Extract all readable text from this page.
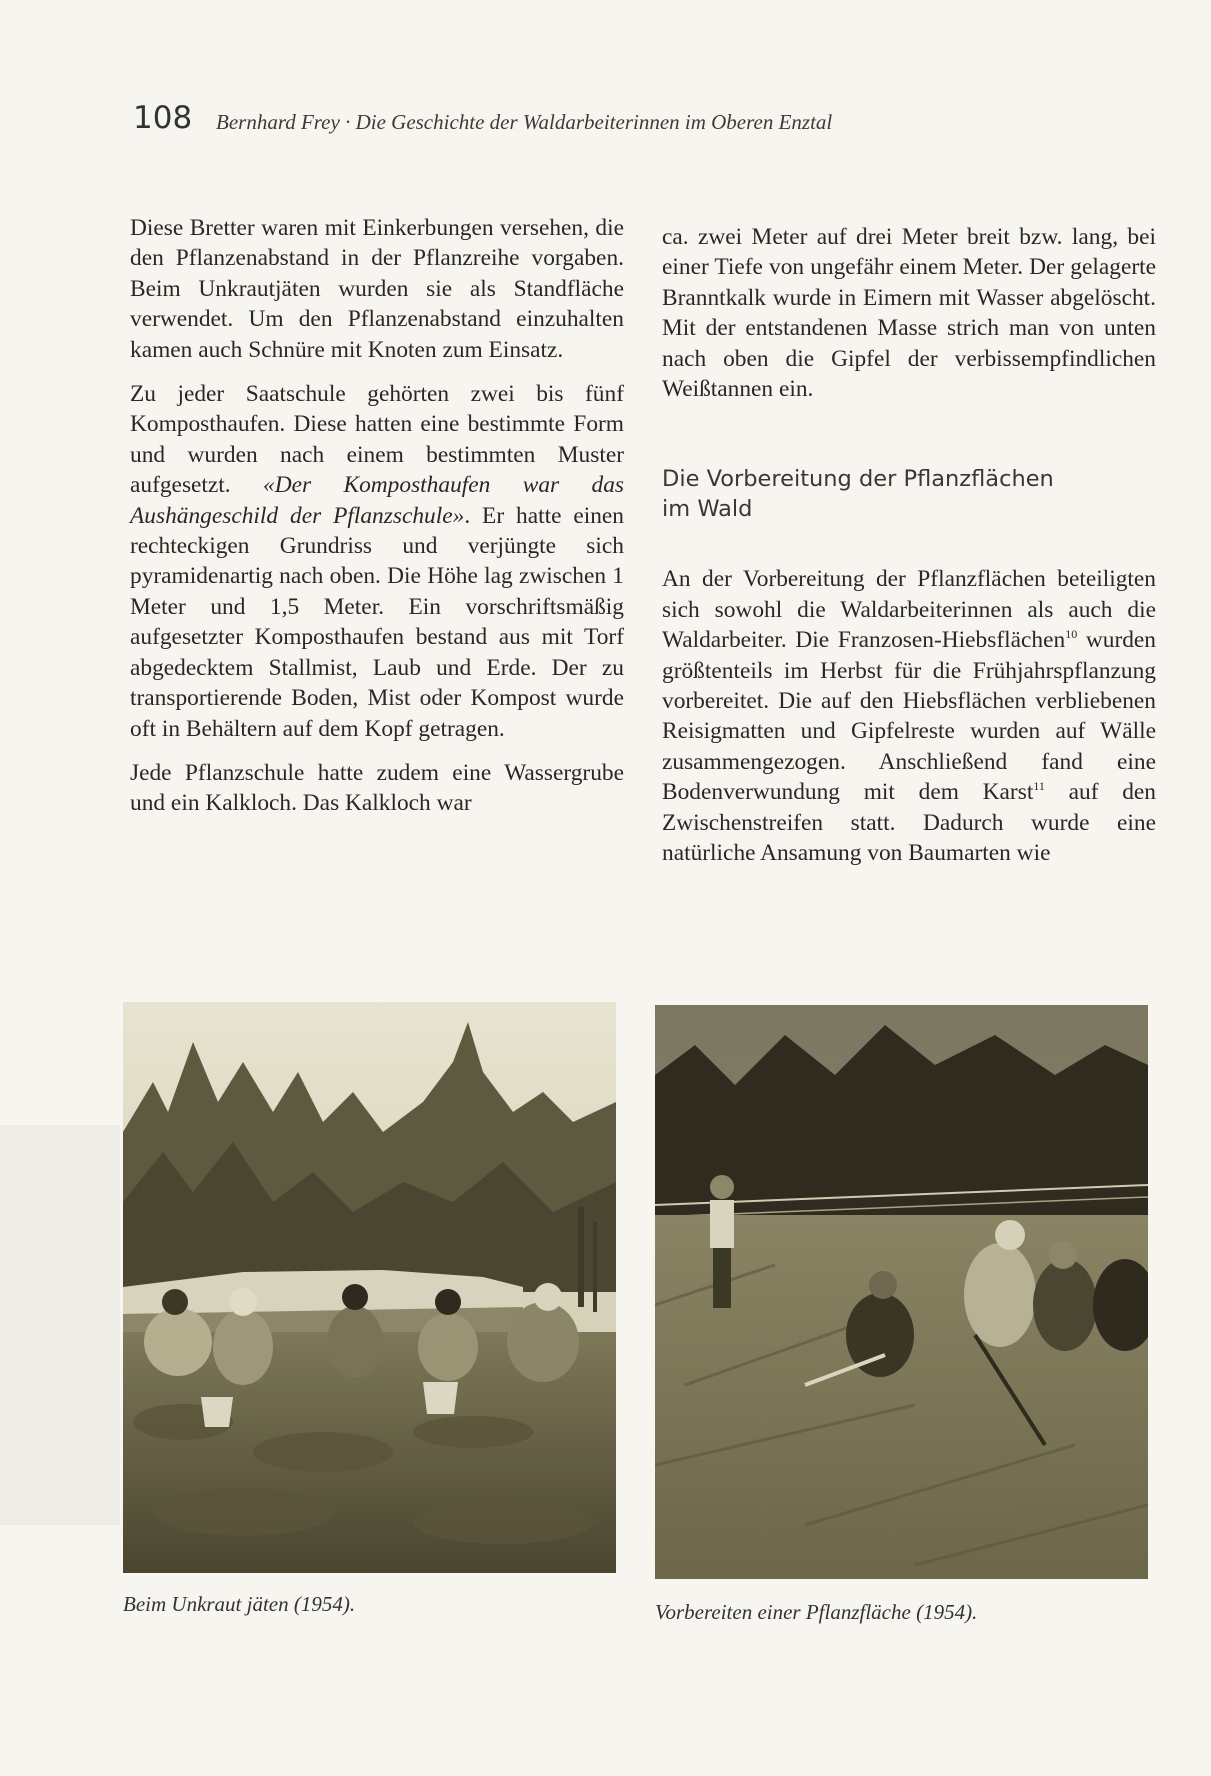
108 Bernhard Frey · Die Geschichte der Waldarbeiterinnen im Oberen Enztal

Diese Bretter waren mit Einkerbungen versehen, die den Pflanzenabstand in der Pflanzreihe vorgaben. Beim Unkrautjäten wurden sie als Standfläche verwendet. Um den Pflanzenabstand einzuhalten kamen auch Schnüre mit Knoten zum Einsatz.

Zu jeder Saatschule gehörten zwei bis fünf Komposthaufen. Diese hatten eine bestimmte Form und wurden nach einem bestimmten Muster aufgesetzt. «Der Komposthaufen war das Aushängeschild der Pflanzschule». Er hatte einen rechteckigen Grundriss und verjüngte sich pyramidenartig nach oben. Die Höhe lag zwischen 1 Meter und 1,5 Meter. Ein vorschriftsmäßig aufgesetzter Komposthaufen bestand aus mit Torf abgedecktem Stallmist, Laub und Erde. Der zu transportierende Boden, Mist oder Kompost wurde oft in Behältern auf dem Kopf getragen.

Jede Pflanzschule hatte zudem eine Wassergrube und ein Kalkloch. Das Kalkloch war

ca. zwei Meter auf drei Meter breit bzw. lang, bei einer Tiefe von ungefähr einem Meter. Der gelagerte Branntkalk wurde in Eimern mit Wasser abgelöscht. Mit der entstandenen Masse strich man von unten nach oben die Gipfel der verbissempfindlichen Weißtannen ein.

Die Vorbereitung der Pflanzflächen
im Wald

An der Vorbereitung der Pflanzflächen beteiligten sich sowohl die Waldarbeiterinnen als auch die Waldarbeiter. Die Franzosen-Hiebsflächen$^{10}$ wurden größtenteils im Herbst für die Frühjahrspflanzung vorbereitet. Die auf den Hiebsflächen verbliebenen Reisigmatten und Gipfelreste wurden auf Wälle zusammengezogen. Anschließend fand eine Bodenverwundung mit dem Karst$^{11}$ auf den Zwischenstreifen statt. Dadurch wurde eine natürliche Ansamung von Baumarten wie

Beim Unkraut jäten (1954).	Vorbereiten einer Pflanzfläche (1954).
